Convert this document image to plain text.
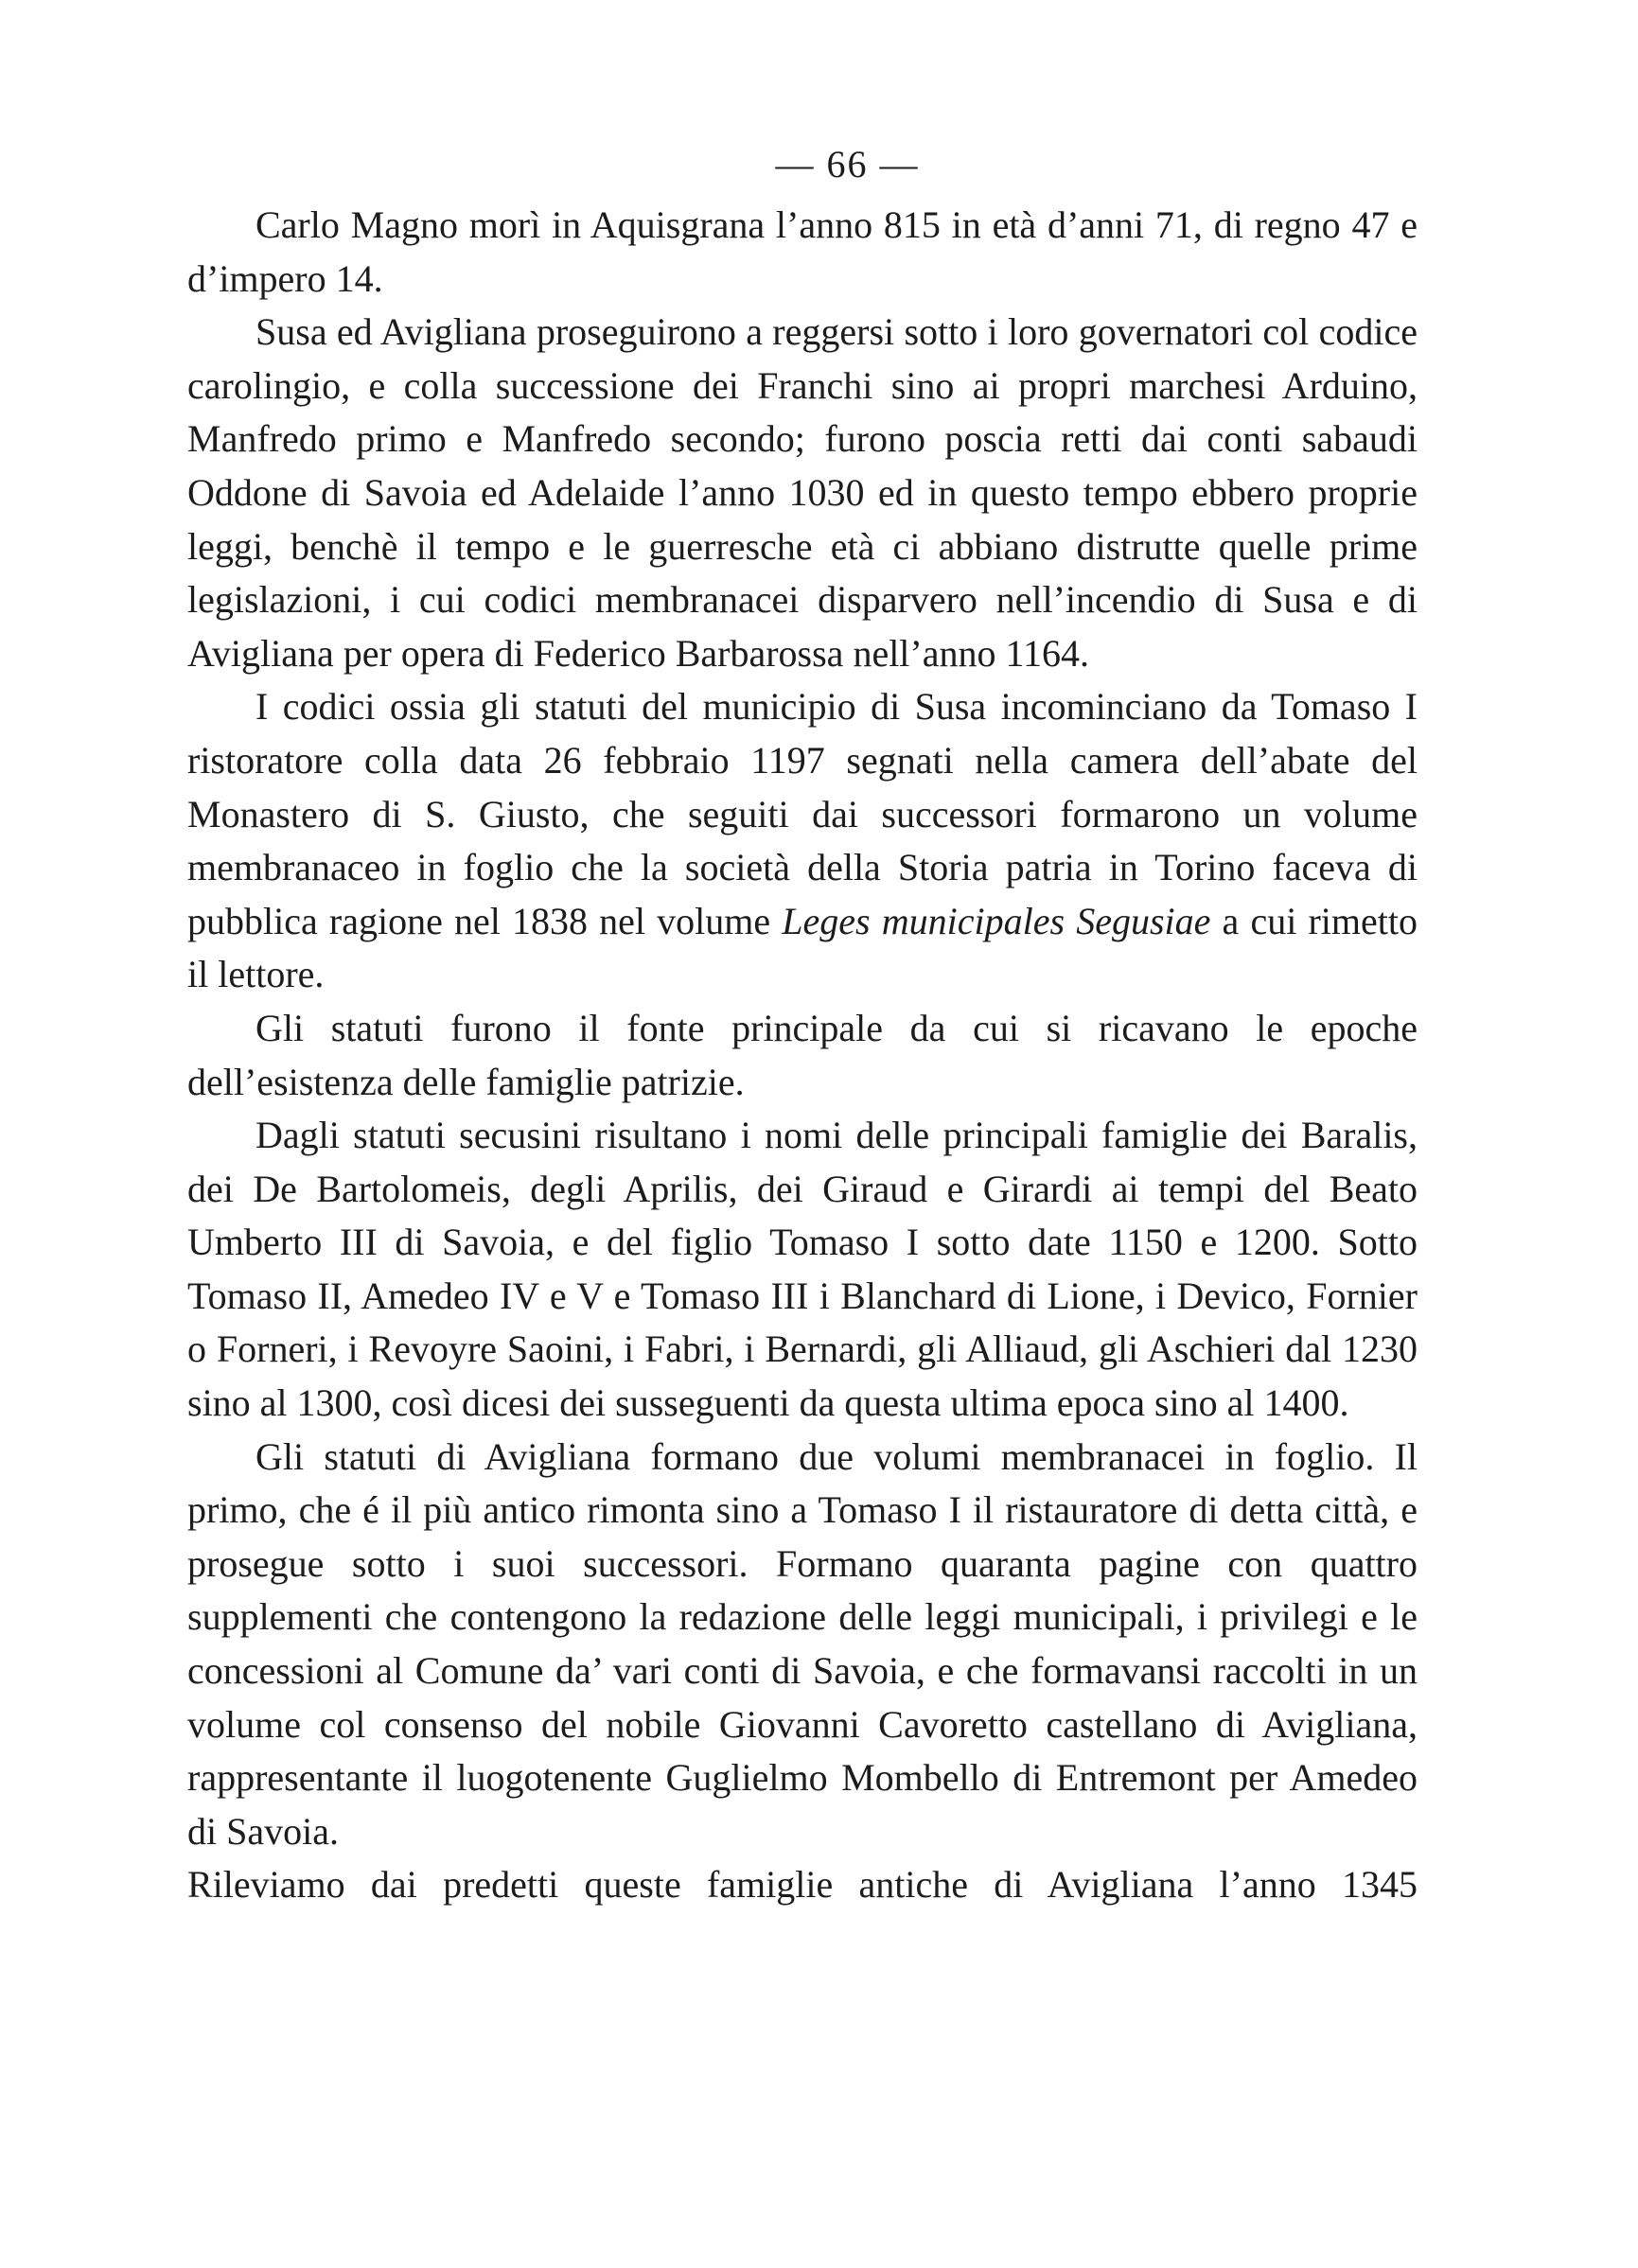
— 66 —

Carlo Magno morì in Aquisgrana l’anno 815 in età d’anni 71, di regno 47 e d’impero 14.

Susa ed Avigliana proseguirono a reggersi sotto i loro governatori col codice carolingio, e colla successione dei Franchi sino ai propri marchesi Arduino, Manfredo primo e Manfredo secondo; furono poscia retti dai conti sabaudi Oddone di Savoia ed Adelaide l’anno 1030 ed in questo tempo ebbero proprie leggi, benchè il tempo e le guerresche età ci abbiano distrutte quelle prime legislazioni, i cui codici membranacei disparvero nell’incendio di Susa e di Avigliana per opera di Federico Barbarossa nell’anno 1164.

I codici ossia gli statuti del municipio di Susa incominciano da Tomaso I ristoratore colla data 26 febbraio 1197 segnati nella camera dell’abate del Monastero di S. Giusto, che seguiti dai successori formarono un volume membranaceo in foglio che la società della Storia patria in Torino faceva di pubblica ragione nel 1838 nel volume Leges municipales Segusiae a cui rimetto il lettore.

Gli statuti furono il fonte principale da cui si ricavano le epoche dell’esistenza delle famiglie patrizie.

Dagli statuti secusini risultano i nomi delle principali famiglie dei Baralis, dei De Bartolomeis, degli Aprilis, dei Giraud e Girardi ai tempi del Beato Umberto III di Savoia, e del figlio Tomaso I sotto date 1150 e 1200. Sotto Tomaso II, Amedeo IV e V e Tomaso III i Blanchard di Lione, i Devico, Fornier o Forneri, i Revoyre Saoini, i Fabri, i Bernardi, gli Alliaud, gli Aschieri dal 1230 sino al 1300, così dicesi dei susseguenti da questa ultima epoca sino al 1400.

Gli statuti di Avigliana formano due volumi membranacei in foglio. Il primo, che é il più antico rimonta sino a Tomaso I il ristauratore di detta città, e prosegue sotto i suoi successori. Formano quaranta pagine con quattro supplementi che contengono la redazione delle leggi municipali, i privilegi e le concessioni al Comune da’ vari conti di Savoia, e che formavansi raccolti in un volume col consenso del nobile Giovanni Cavoretto castellano di Avigliana, rappresentante il luogotenente Guglielmo Mombello di Entremont per Amedeo di Savoia.

Rileviamo dai predetti queste famiglie antiche di Avigliana l’anno 1345
